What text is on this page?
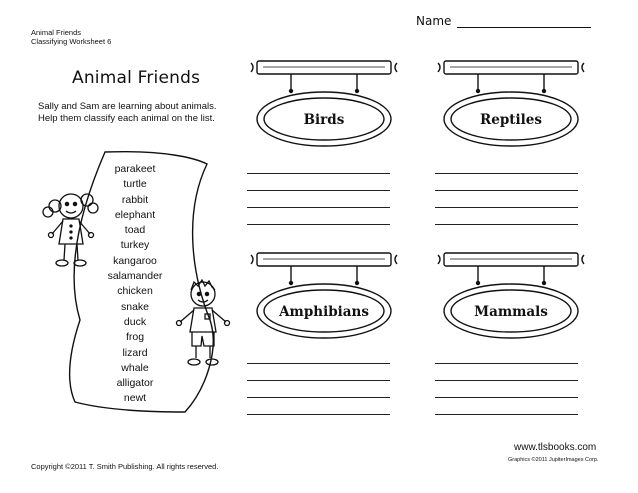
Animal Friends
Classifying Worksheet 6
Name
Animal Friends
Sally and Sam are learning about animals. Help them classify each animal on the list.
parakeet
turtle
rabbit
elephant
toad
turkey
kangaroo
salamander
chicken
snake
duck
frog
lizard
whale
alligator
newt
Birds	Reptiles
Amphibians	Mammals
www.tlsbooks.com
Graphics ©2011 JupiterImages Corp.
Copyright ©2011 T. Smith Publishing. All rights reserved.
